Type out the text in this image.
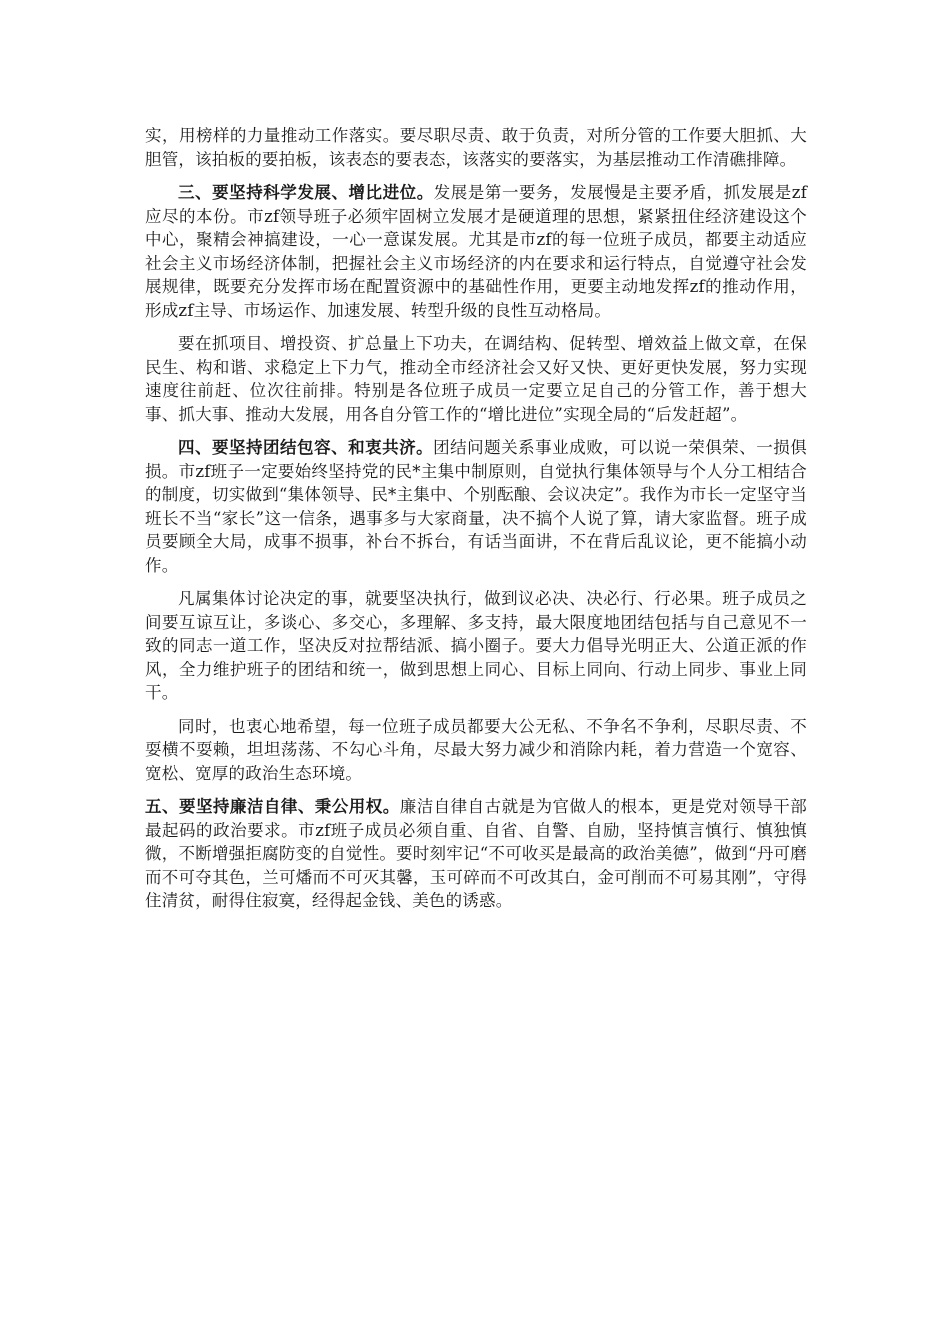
实，用榜样的力量推动工作落实。要尽职尽责、敢于负责，对所分管的工作要大胆抓、大胆管，该拍板的要拍板，该表态的要表态，该落实的要落实，为基层推动工作清礁排障。

三、要坚持科学发展、增比进位。发展是第一要务，发展慢是主要矛盾，抓发展是zf应尽的本份。市zf领导班子必须牢固树立发展才是硬道理的思想，紧紧扭住经济建设这个中心，聚精会神搞建设，一心一意谋发展。尤其是市zf的每一位班子成员，都要主动适应社会主义市场经济体制，把握社会主义市场经济的内在要求和运行特点，自觉遵守社会发展规律，既要充分发挥市场在配置资源中的基础性作用，更要主动地发挥zf的推动作用，形成zf主导、市场运作、加速发展、转型升级的良性互动格局。

要在抓项目、增投资、扩总量上下功夫，在调结构、促转型、增效益上做文章，在保民生、构和谐、求稳定上下力气，推动全市经济社会又好又快、更好更快发展，努力实现速度往前赶、位次往前排。特别是各位班子成员一定要立足自己的分管工作，善于想大事、抓大事、推动大发展，用各自分管工作的“增比进位”实现全局的“后发赶超”。

四、要坚持团结包容、和衷共济。团结问题关系事业成败，可以说一荣俱荣、一损俱损。市zf班子一定要始终坚持党的民*主集中制原则，自觉执行集体领导与个人分工相结合的制度，切实做到“集体领导、民*主集中、个别酝酿、会议决定”。我作为市长一定坚守当班长不当“家长”这一信条，遇事多与大家商量，决不搞个人说了算，请大家监督。班子成员要顾全大局，成事不损事，补台不拆台，有话当面讲，不在背后乱议论，更不能搞小动作。

凡属集体讨论决定的事，就要坚决执行，做到议必决、决必行、行必果。班子成员之间要互谅互让，多谈心、多交心，多理解、多支持，最大限度地团结包括与自己意见不一致的同志一道工作，坚决反对拉帮结派、搞小圈子。要大力倡导光明正大、公道正派的作风，全力维护班子的团结和统一，做到思想上同心、目标上同向、行动上同步、事业上同干。

同时，也衷心地希望，每一位班子成员都要大公无私、不争名不争利，尽职尽责、不耍横不耍赖，坦坦荡荡、不勾心斗角，尽最大努力减少和消除内耗，着力营造一个宽容、宽松、宽厚的政治生态环境。

五、要坚持廉洁自律、秉公用权。廉洁自律自古就是为官做人的根本，更是党对领导干部最起码的政治要求。市zf班子成员必须自重、自省、自警、自励，坚持慎言慎行、慎独慎微，不断增强拒腐防变的自觉性。要时刻牢记“不可收买是最高的政治美德”，做到“丹可磨而不可夺其色，兰可燔而不可灭其馨，玉可碎而不可改其白，金可削而不可易其刚”，守得住清贫，耐得住寂寞，经得起金钱、美色的诱惑。
